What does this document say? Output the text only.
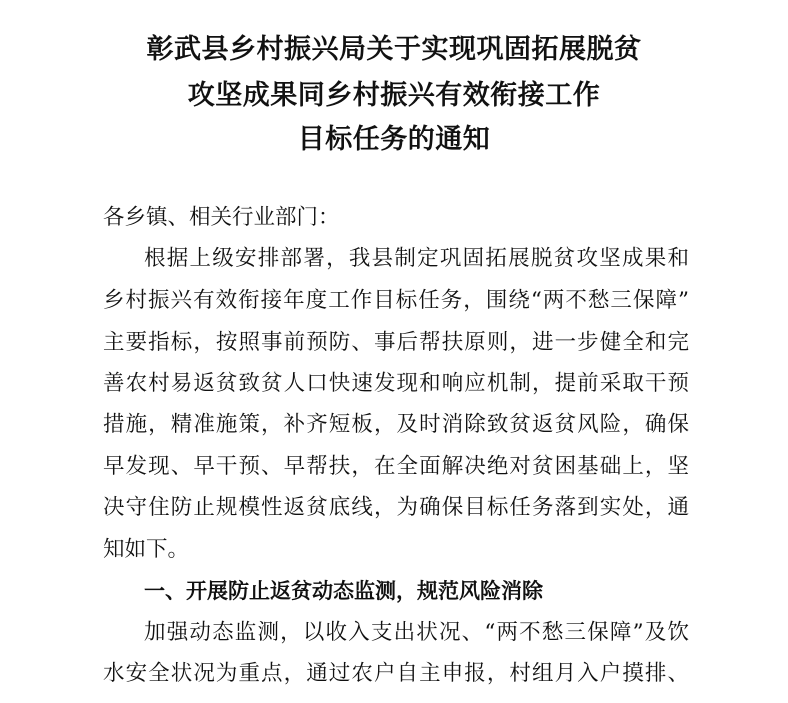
彰武县乡村振兴局关于实现巩固拓展脱贫
攻坚成果同乡村振兴有效衔接工作
目标任务的通知
各乡镇、相关行业部门：
根据上级安排部署，我县制定巩固拓展脱贫攻坚成果和
乡村振兴有效衔接年度工作目标任务，围绕“两不愁三保障”
主要指标，按照事前预防、事后帮扶原则，进一步健全和完
善农村易返贫致贫人口快速发现和响应机制，提前采取干预
措施，精准施策，补齐短板，及时消除致贫返贫风险，确保
早发现、早干预、早帮扶，在全面解决绝对贫困基础上，坚
决守住防止规模性返贫底线，为确保目标任务落到实处，通
知如下。
一、开展防止返贫动态监测，规范风险消除
加强动态监测，以收入支出状况、“两不愁三保障”及饮
水安全状况为重点，通过农户自主申报，村组月入户摸排、
